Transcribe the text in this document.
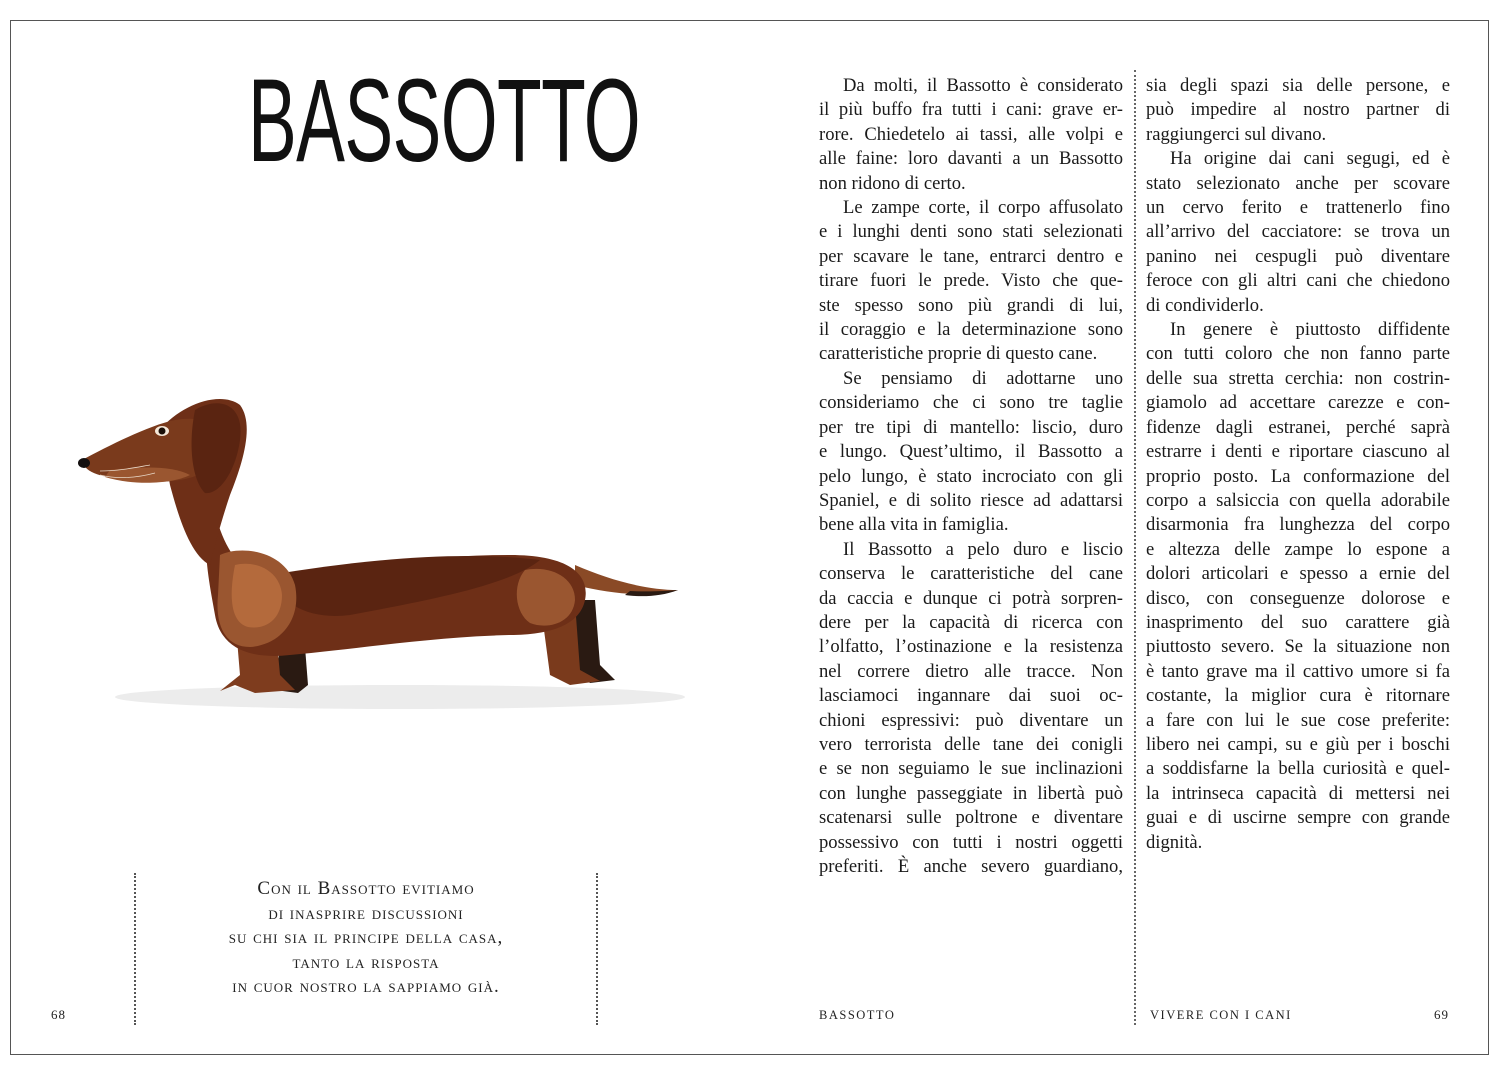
BASSOTTO
Con il Bassotto evitiamo
di inasprire discussioni
su chi sia il principe della casa,
tanto la risposta
in cuor nostro la sappiamo già.
68
Da molti, il Bassotto è considerato
il più buffo fra tutti i cani: grave er-
rore. Chiedetelo ai tassi, alle volpi e
alle faine: loro davanti a un Bassotto
non ridono di certo.
Le zampe corte, il corpo affusolato
e i lunghi denti sono stati selezionati
per scavare le tane, entrarci dentro e
tirare fuori le prede. Visto che que-
ste spesso sono più grandi di lui,
il coraggio e la determinazione sono
caratteristiche proprie di questo cane.
Se pensiamo di adottarne uno
consideriamo che ci sono tre taglie
per tre tipi di mantello: liscio, duro
e lungo. Quest’ultimo, il Bassotto a
pelo lungo, è stato incrociato con gli
Spaniel, e di solito riesce ad adattarsi
bene alla vita in famiglia.
Il Bassotto a pelo duro e liscio
conserva le caratteristiche del cane
da caccia e dunque ci potrà sorpren-
dere per la capacità di ricerca con
l’olfatto, l’ostinazione e la resistenza
nel correre dietro alle tracce. Non
lasciamoci ingannare dai suoi oc-
chioni espressivi: può diventare un
vero terrorista delle tane dei conigli
e se non seguiamo le sue inclinazioni
con lunghe passeggiate in libertà può
scatenarsi sulle poltrone e diventare
possessivo con tutti i nostri oggetti
preferiti. È anche severo guardiano,
sia degli spazi sia delle persone, e
può impedire al nostro partner di
raggiungerci sul divano.
Ha origine dai cani segugi, ed è
stato selezionato anche per scovare
un cervo ferito e trattenerlo fino
all’arrivo del cacciatore: se trova un
panino nei cespugli può diventare
feroce con gli altri cani che chiedono
di condividerlo.
In genere è piuttosto diffidente
con tutti coloro che non fanno parte
delle sua stretta cerchia: non costrin-
giamolo ad accettare carezze e con-
fidenze dagli estranei, perché saprà
estrarre i denti e riportare ciascuno al
proprio posto. La conformazione del
corpo a salsiccia con quella adorabile
disarmonia fra lunghezza del corpo
e altezza delle zampe lo espone a
dolori articolari e spesso a ernie del
disco, con conseguenze dolorose e
inasprimento del suo carattere già
piuttosto severo. Se la situazione non
è tanto grave ma il cattivo umore si fa
costante, la miglior cura è ritornare
a fare con lui le sue cose preferite:
libero nei campi, su e giù per i boschi
a soddisfarne la bella curiosità e quel-
la intrinseca capacità di mettersi nei
guai e di uscirne sempre con grande
dignità.
BASSOTTO	VIVERE CON I CANI	69
